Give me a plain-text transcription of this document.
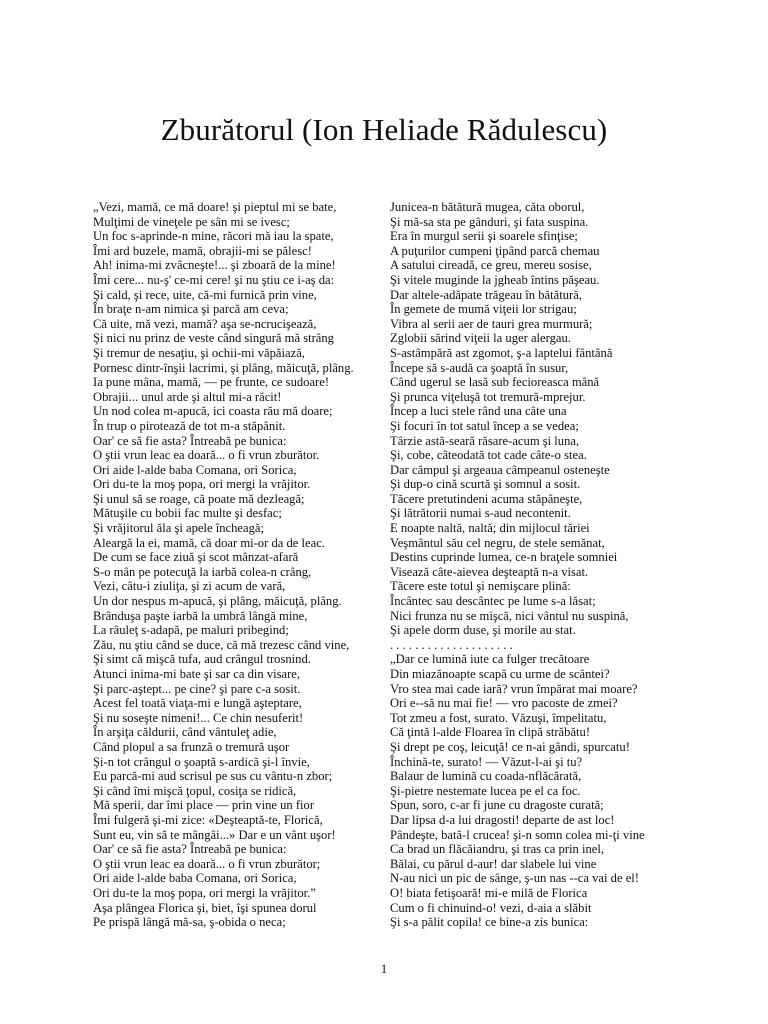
Zburătorul (Ion Heliade Rădulescu)
„Vezi, mamă, ce mă doare! şi pieptul mi se bate,
Mulţimi de vineţele pe sân mi se ivesc;
Un foc s-aprinde-n mine, răcori mă iau la spate,
Îmi ard buzele, mamă, obrajii-mi se pălesc!
Ah! inima-mi zvâcneşte!... şi zboară de la mine!
Îmi cere... nu-ş' ce-mi cere! şi nu ştiu ce i-aş da:
Şi cald, şi rece, uite, că-mi furnică prin vine,
În braţe n-am nimica şi parcă am ceva;
Că uite, mă vezi, mamă? aşa se-ncrucişează,
Şi nici nu prinz de veste când singură mă strâng
Şi tremur de nesaţiu, şi ochii-mi văpăiază,
Pornesc dintr-înşii lacrimi, şi plâng, măicuţă, plâng.
Ia pune mâna, mamă, — pe frunte, ce sudoare!
Obrajii... unul arde şi altul mi-a răcit!
Un nod colea m-apucă, ici coasta rău mă doare;
În trup o pirotează de tot m-a stăpânit.
Oar' ce să fie asta? Întreabă pe bunica:
O ştii vrun leac ea doară... o fi vrun zburător.
Ori aide l-alde baba Comana, ori Sorica,
Ori du-te la moş popa, ori mergi la vrăjitor.
Şi unul să se roage, că poate mă dezleagă;
Mătuşile cu bobii fac multe şi desfac;
Şi vrăjitorul ăla şi apele încheagă;
Aleargă la ei, mamă, că doar mi-or da de leac.
De cum se face ziuă şi scot mânzat-afară
S-o mân pe potecuţă la iarbă colea-n crâng,
Vezi, câtu-i ziuliţa, şi zi acum de vară,
Un dor nespus m-apucă, şi plâng, măicuţă, plâng.
Brânduşa paşte iarbă la umbră lângă mine,
La râuleţ s-adapă, pe maluri pribegind;
Zău, nu ştiu când se duce, că mă trezesc când vine,
Şi simt că mişcă tufa, aud crângul trosnind.
Atunci inima-mi bate şi sar ca din visare,
Şi parc-aştept... pe cine? şi pare c-a sosit.
Acest fel toată viaţa-mi e lungă aşteptare,
Şi nu soseşte nimeni!... Ce chin nesuferit!
În arşiţa căldurii, când vântuleţ adie,
Când plopul a sa frunză o tremură uşor
Şi-n tot crângul o şoaptă s-ardică şi-l învie,
Eu parcă-mi aud scrisul pe sus cu vântu-n zbor;
Şi când îmi mişcă ţopul, cosiţa se ridică,
Mă sperii, dar îmi place — prin vine un fior
Îmi fulgeră şi-mi zice: «Deşteaptă-te, Florică,
Sunt eu, vin să te mângâi...» Dar e un vânt uşor!
Oar' ce să fie asta? Întreabă pe bunica:
O ştii vrun leac ea doară... o fi vrun zburător;
Ori aide l-alde baba Comana, ori Sorica,
Ori du-te la moş popa, ori mergi la vrăjitor.”
Aşa plângea Florica şi, biet, îşi spunea dorul
Pe prispă lângă mă-sa, ş-obida o neca;
Junicea-n bătătură mugea, căta oborul,
Şi mă-sa sta pe gânduri, şi fata suspina.
Era în murgul serii şi soarele sfinţise;
A puţurilor cumpeni ţipând parcă chemau
A satului cireadă, ce greu, mereu sosise,
Şi vitele muginde la jgheab întins păşeau.
Dar altele-adăpate trăgeau în bătătură,
În gemete de mumă viţeii lor strigau;
Vibra al serii aer de tauri grea murmură;
Zglobii sărind viţeii la uger alergau.
S-astâmpără ast zgomot, ş-a laptelui fântână
Începe să s-audă ca şoaptă în susur,
Când ugerul se lasă sub fecioreasca mână
Şi prunca viţeluşă tot tremură-mprejur.
Încep a luci stele rând una câte una
Şi focuri în tot satul încep a se vedea;
Târzie astă-seară răsare-acum şi luna,
Şi, cobe, câteodată tot cade câte-o stea.
Dar câmpul şi argeaua câmpeanul osteneşte
Şi dup-o cină scurtă şi somnul a sosit.
Tăcere pretutindeni acuma stăpâneşte,
Şi lătrătorii numai s-aud necontenit.
E noapte naltă, naltă; din mijlocul tăriei
Veşmântul său cel negru, de stele semănat,
Destins cuprinde lumea, ce-n braţele somniei
Visează câte-aievea deşteaptă n-a visat.
Tăcere este totul şi nemişcare plină:
Încântec sau descântec pe lume s-a lăsat;
Nici frunza nu se mişcă, nici vântul nu suspină,
Şi apele dorm duse, şi morile au stat.
. . . . . . . . . . . . . . . . . . . .
„Dar ce lumină iute ca fulger trecătoare
Din miazănoapte scapă cu urme de scântei?
Vro stea mai cade iară? vrun împărat mai moare?
Ori e--să nu mai fie! — vro pacoste de zmei?
Tot zmeu a fost, surato. Văzuşi, împelitatu,
Că ţintă l-alde Floarea în clipă străbătu!
Şi drept pe coş, leicuţă! ce n-ai gândi, spurcatu!
Închină-te, surato! — Văzut-l-ai şi tu?
Balaur de lumină cu coada-nflăcărată,
Şi-pietre nestemate lucea pe el ca foc.
Spun, soro, c-ar fi june cu dragoste curată;
Dar lipsa d-a lui dragosti! departe de ast loc!
Pândeşte, bată-l crucea! şi-n somn colea mi-ţi vine
Ca brad un flăcăiandru, şi tras ca prin inel,
Bălai, cu părul d-aur! dar slabele lui vine
N-au nici un pic de sânge, ş-un nas --ca vai de el!
O! biata fetişoară! mi-e milă de Florica
Cum o fi chinuind-o! vezi, d-aia a slăbit
Şi s-a pălit copila! ce bine-a zis bunica:
1
